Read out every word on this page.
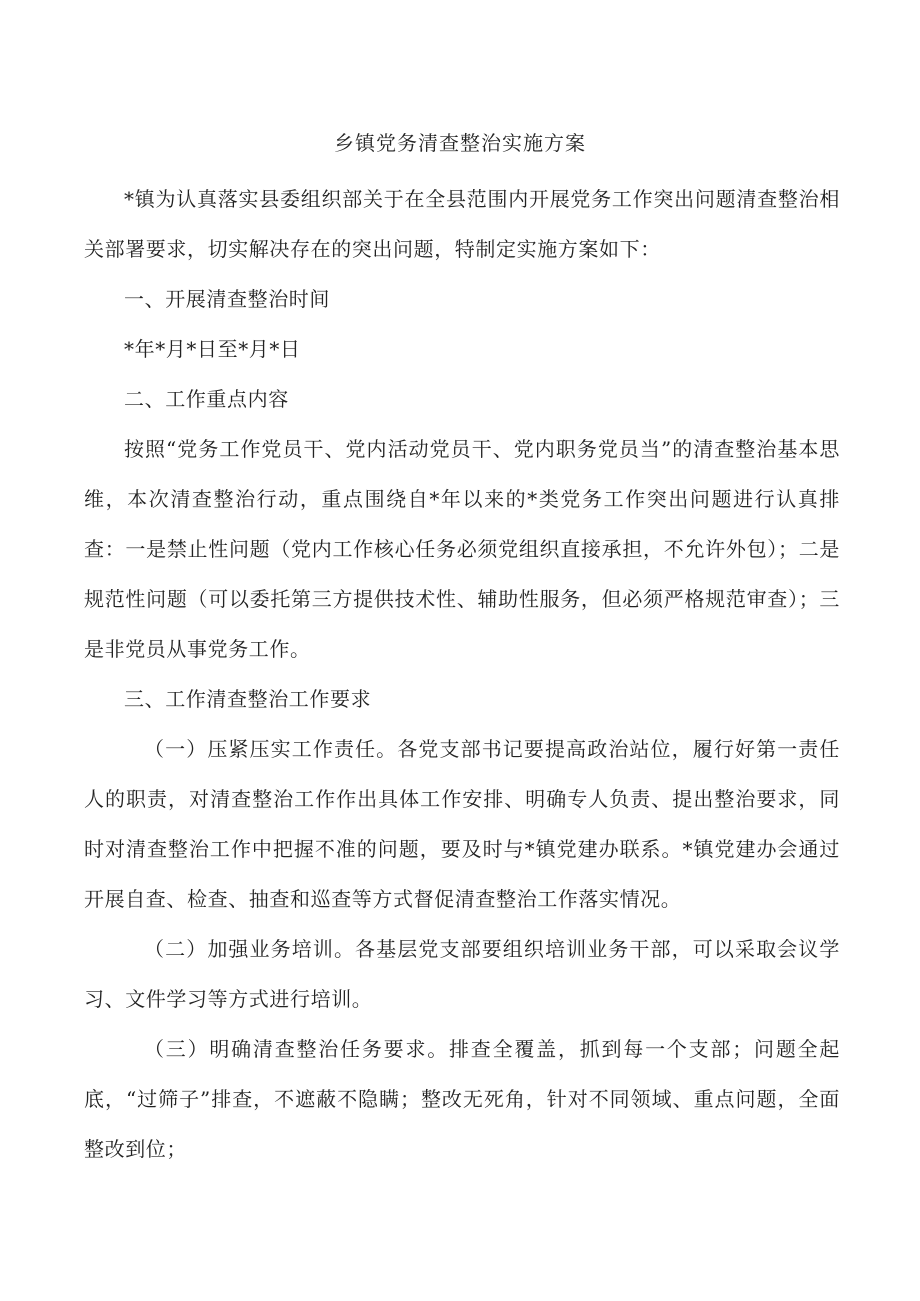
乡镇党务清查整治实施方案

*镇为认真落实县委组织部关于在全县范围内开展党务工作突出问题清查整治相关部署要求，切实解决存在的突出问题，特制定实施方案如下：

一、开展清查整治时间

*年*月*日至*月*日

二、工作重点内容

按照“党务工作党员干、党内活动党员干、党内职务党员当”的清查整治基本思维，本次清查整治行动，重点围绕自*年以来的*类党务工作突出问题进行认真排查：一是禁止性问题（党内工作核心任务必须党组织直接承担，不允许外包）；二是规范性问题（可以委托第三方提供技术性、辅助性服务，但必须严格规范审查）；三是非党员从事党务工作。

三、工作清查整治工作要求

（一）压紧压实工作责任。各党支部书记要提高政治站位，履行好第一责任人的职责，对清查整治工作作出具体工作安排、明确专人负责、提出整治要求，同时对清查整治工作中把握不准的问题，要及时与*镇党建办联系。*镇党建办会通过开展自查、检查、抽查和巡查等方式督促清查整治工作落实情况。

（二）加强业务培训。各基层党支部要组织培训业务干部，可以采取会议学习、文件学习等方式进行培训。

（三）明确清查整治任务要求。排查全覆盖，抓到每一个支部；问题全起底，“过筛子”排查，不遮蔽不隐瞒；整改无死角，针对不同领域、重点问题，全面整改到位；
